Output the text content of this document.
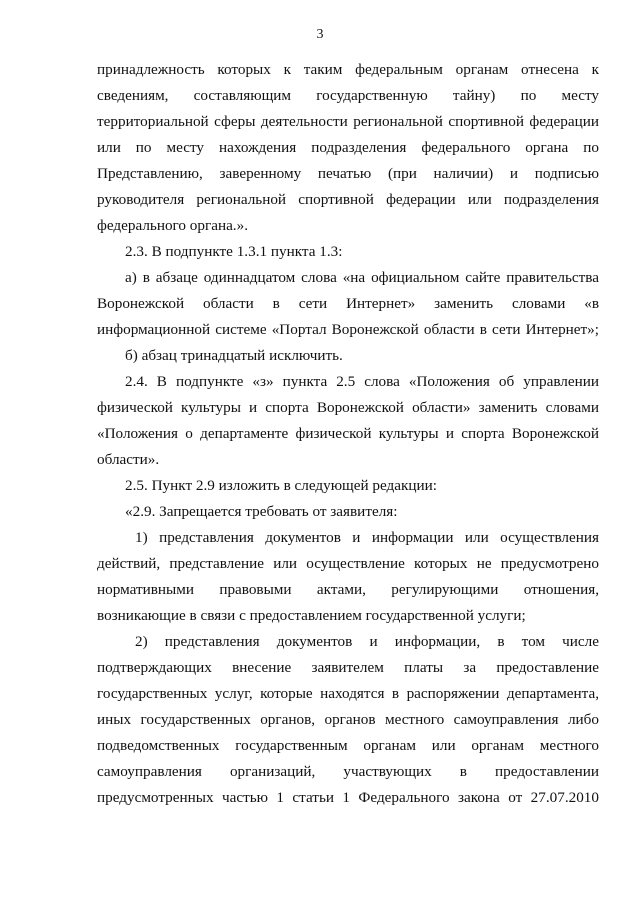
3
принадлежность которых к таким федеральным органам отнесена к
сведениям, составляющим государственную тайну) по месту
территориальной сферы деятельности региональной спортивной федерации
или по месту нахождения подразделения федерального органа по
Представлению, заверенному печатью (при наличии) и подписью
руководителя региональной спортивной федерации или подразделения
федерального органа.».
2.3. В подпункте 1.3.1 пункта 1.3:
а) в абзаце одиннадцатом слова «на официальном сайте правительства
Воронежской области в сети Интернет» заменить словами «в
информационной системе «Портал Воронежской области в сети Интернет»;
б) абзац тринадцатый исключить.
2.4. В подпункте «з» пункта 2.5 слова «Положения об управлении
физической культуры и спорта Воронежской области» заменить словами
«Положения о департаменте физической культуры и спорта Воронежской
области».
2.5. Пункт 2.9 изложить в следующей редакции:
«2.9. Запрещается требовать от заявителя:
1) представления документов и информации или осуществления
действий, представление или осуществление которых не предусмотрено
нормативными правовыми актами, регулирующими отношения,
возникающие в связи с предоставлением государственной услуги;
2) представления документов и информации, в том числе
подтверждающих внесение заявителем платы за предоставление
государственных услуг, которые находятся в распоряжении департамента,
иных государственных органов, органов местного самоуправления либо
подведомственных государственным органам или органам местного
самоуправления организаций, участвующих в предоставлении
предусмотренных частью 1 статьи 1 Федерального закона от 27.07.2010
